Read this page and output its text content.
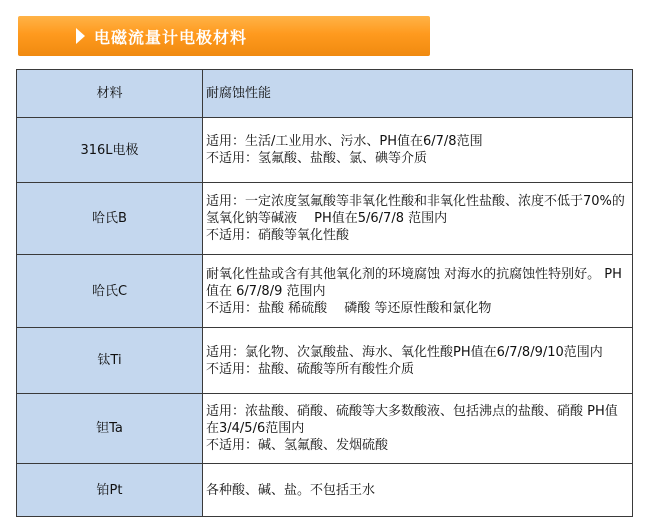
电磁流量计电极材料
材料	耐腐蚀性能
316L电极	适用：生活/工业用水、污水、PH值在6/7/8范围
不适用：氢氟酸、盐酸、氯、碘等介质

哈氏B	适用：一定浓度氢氟酸等非氧化性酸和非氧化性盐酸、浓度不低于70%的氢氧化钠等碱液　 PH值在5/6/7/8 范围内
不适用：硝酸等氧化性酸

哈氏C	耐氧化性盐或含有其他氧化剂的环境腐蚀 对海水的抗腐蚀性特别好。 PH值在 6/7/8/9 范围内
不适用：盐酸 稀硫酸　 磷酸 等还原性酸和氯化物

钛Ti	适用：氯化物、次氯酸盐、海水、氧化性酸PH值在6/7/8/9/10范围内
不适用：盐酸、硫酸等所有酸性介质

钽Ta	适用：浓盐酸、硝酸、硫酸等大多数酸液、包括沸点的盐酸、硝酸 PH值在3/4/5/6范围内
不适用：碱、氢氟酸、发烟硫酸

铂Pt	各种酸、碱、盐。不包括王水
